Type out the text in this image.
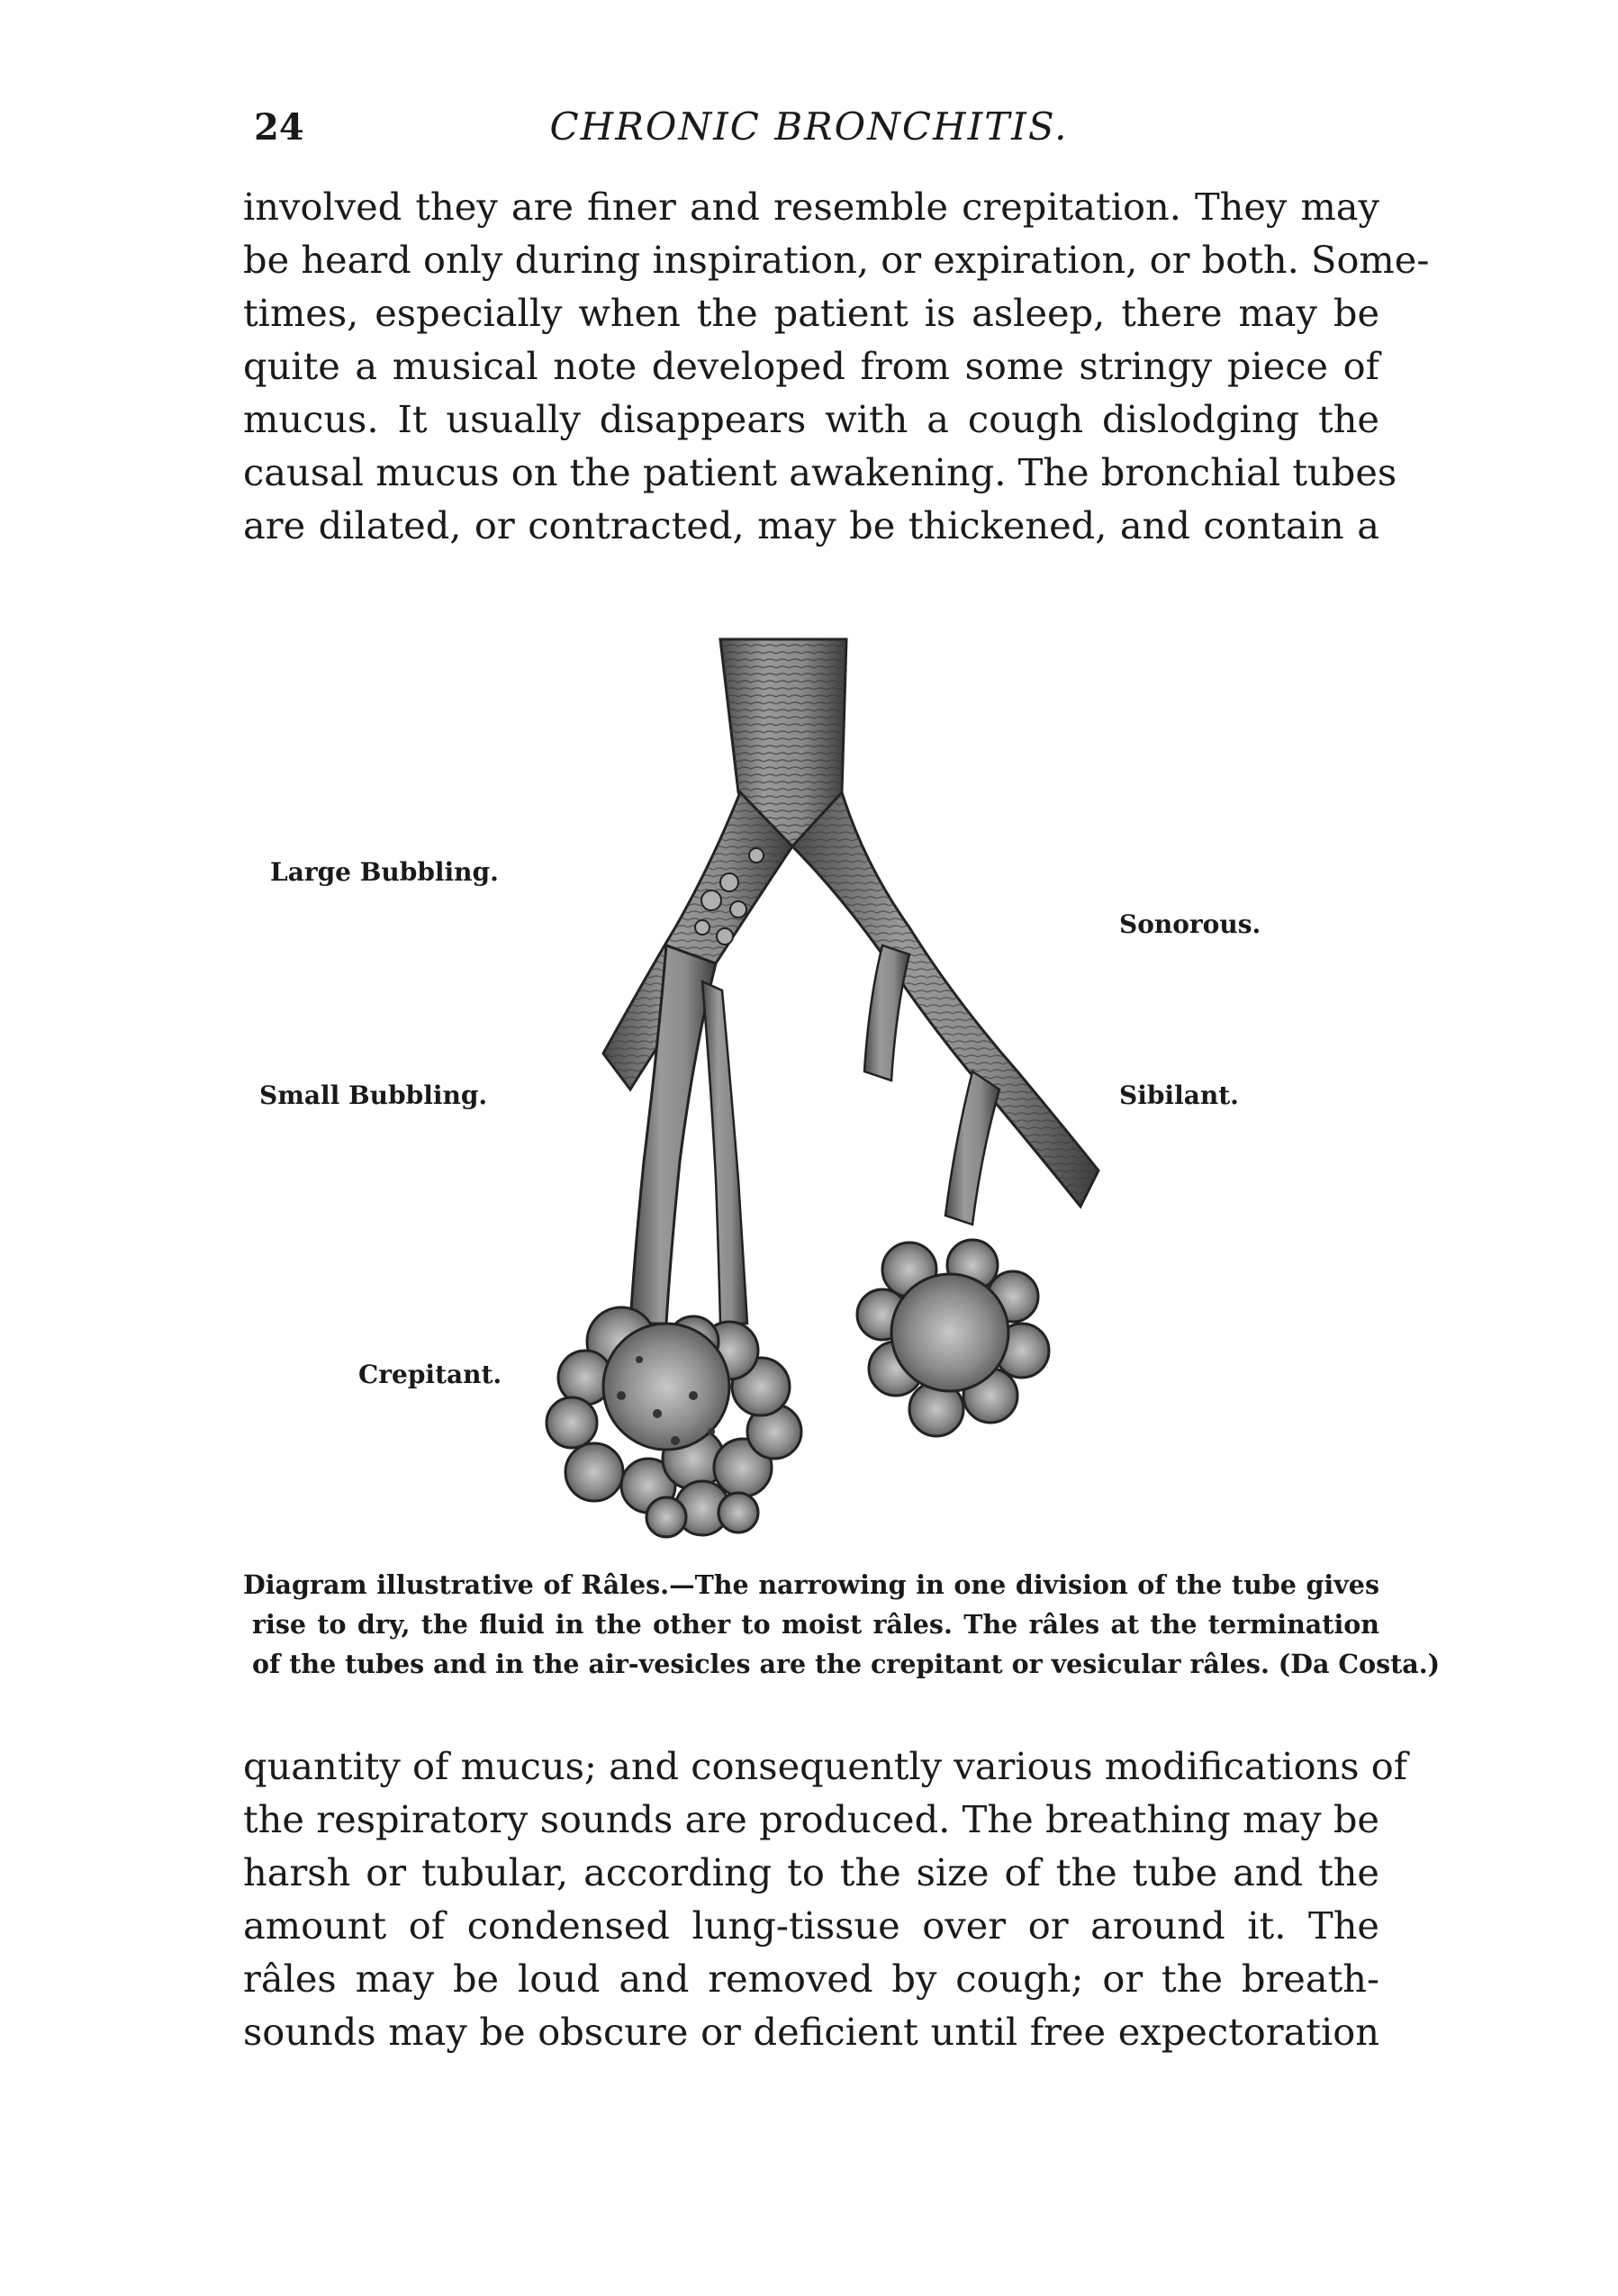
24	CHRONIC BRONCHITIS.
involved they are finer and resemble crepitation. They may
be heard only during inspiration, or expiration, or both. Some-
times, especially when the patient is asleep, there may be
quite a musical note developed from some stringy piece of
mucus. It usually disappears with a cough dislodging the
causal mucus on the patient awakening. The bronchial tubes
are dilated, or contracted, may be thickened, and contain a
Large Bubbling.
Sonorous.
Small Bubbling.	Sibilant.
Crepitant.
Diagram illustrative of Râles.—The narrowing in one division of the tube gives
rise to dry, the fluid in the other to moist râles. The râles at the termination
of the tubes and in the air-vesicles are the crepitant or vesicular râles. (Da Costa.)
quantity of mucus; and consequently various modifications of
the respiratory sounds are produced. The breathing may be
harsh or tubular, according to the size of the tube and the
amount of condensed lung-tissue over or around it. The
râles may be loud and removed by cough; or the breath-
sounds may be obscure or deficient until free expectoration
